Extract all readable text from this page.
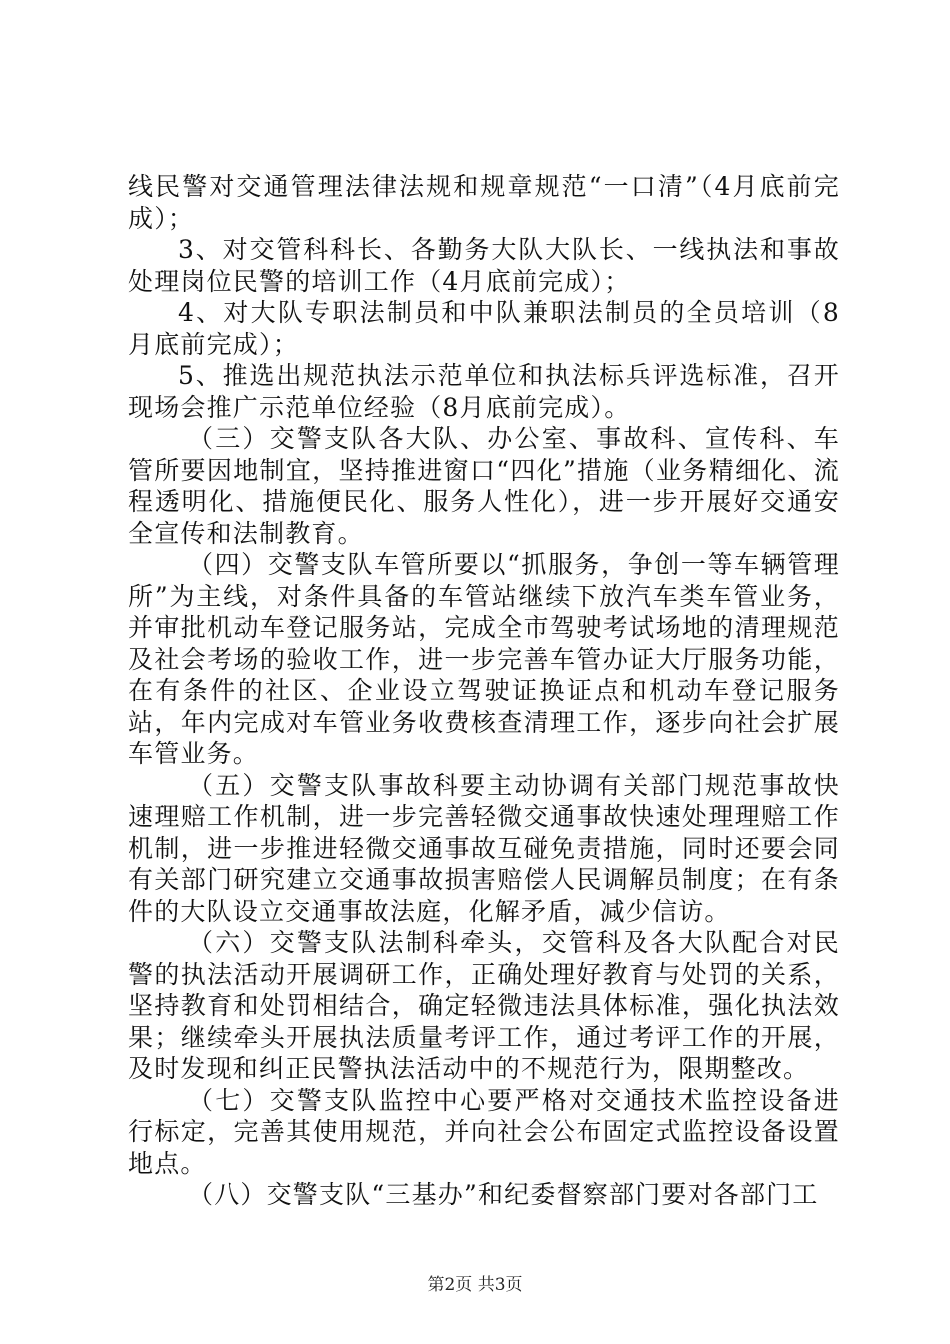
线民警对交通管理法律法规和规章规范“一口清”（4月底前完成）；

3、对交管科科长、各勤务大队大队长、一线执法和事故处理岗位民警的培训工作（4月底前完成）；

4、对大队专职法制员和中队兼职法制员的全员培训（8月底前完成）；

5、推选出规范执法示范单位和执法标兵评选标准，召开现场会推广示范单位经验（8月底前完成）。

（三）交警支队各大队、办公室、事故科、宣传科、车管所要因地制宜，坚持推进窗口“四化”措施（业务精细化、流程透明化、措施便民化、服务人性化），进一步开展好交通安全宣传和法制教育。

（四）交警支队车管所要以“抓服务，争创一等车辆管理所”为主线，对条件具备的车管站继续下放汽车类车管业务，并审批机动车登记服务站，完成全市驾驶考试场地的清理规范及社会考场的验收工作，进一步完善车管办证大厅服务功能，在有条件的社区、企业设立驾驶证换证点和机动车登记服务站，年内完成对车管业务收费核查清理工作，逐步向社会扩展车管业务。

（五）交警支队事故科要主动协调有关部门规范事故快速理赔工作机制，进一步完善轻微交通事故快速处理理赔工作机制，进一步推进轻微交通事故互碰免责措施，同时还要会同有关部门研究建立交通事故损害赔偿人民调解员制度；在有条件的大队设立交通事故法庭，化解矛盾，减少信访。

（六）交警支队法制科牵头，交管科及各大队配合对民警的执法活动开展调研工作，正确处理好教育与处罚的关系，坚持教育和处罚相结合，确定轻微违法具体标准，强化执法效果；继续牵头开展执法质量考评工作，通过考评工作的开展，及时发现和纠正民警执法活动中的不规范行为，限期整改。

（七）交警支队监控中心要严格对交通技术监控设备进行标定，完善其使用规范，并向社会公布固定式监控设备设置地点。

（八）交警支队“三基办”和纪委督察部门要对各部门工

第2页 共3页
